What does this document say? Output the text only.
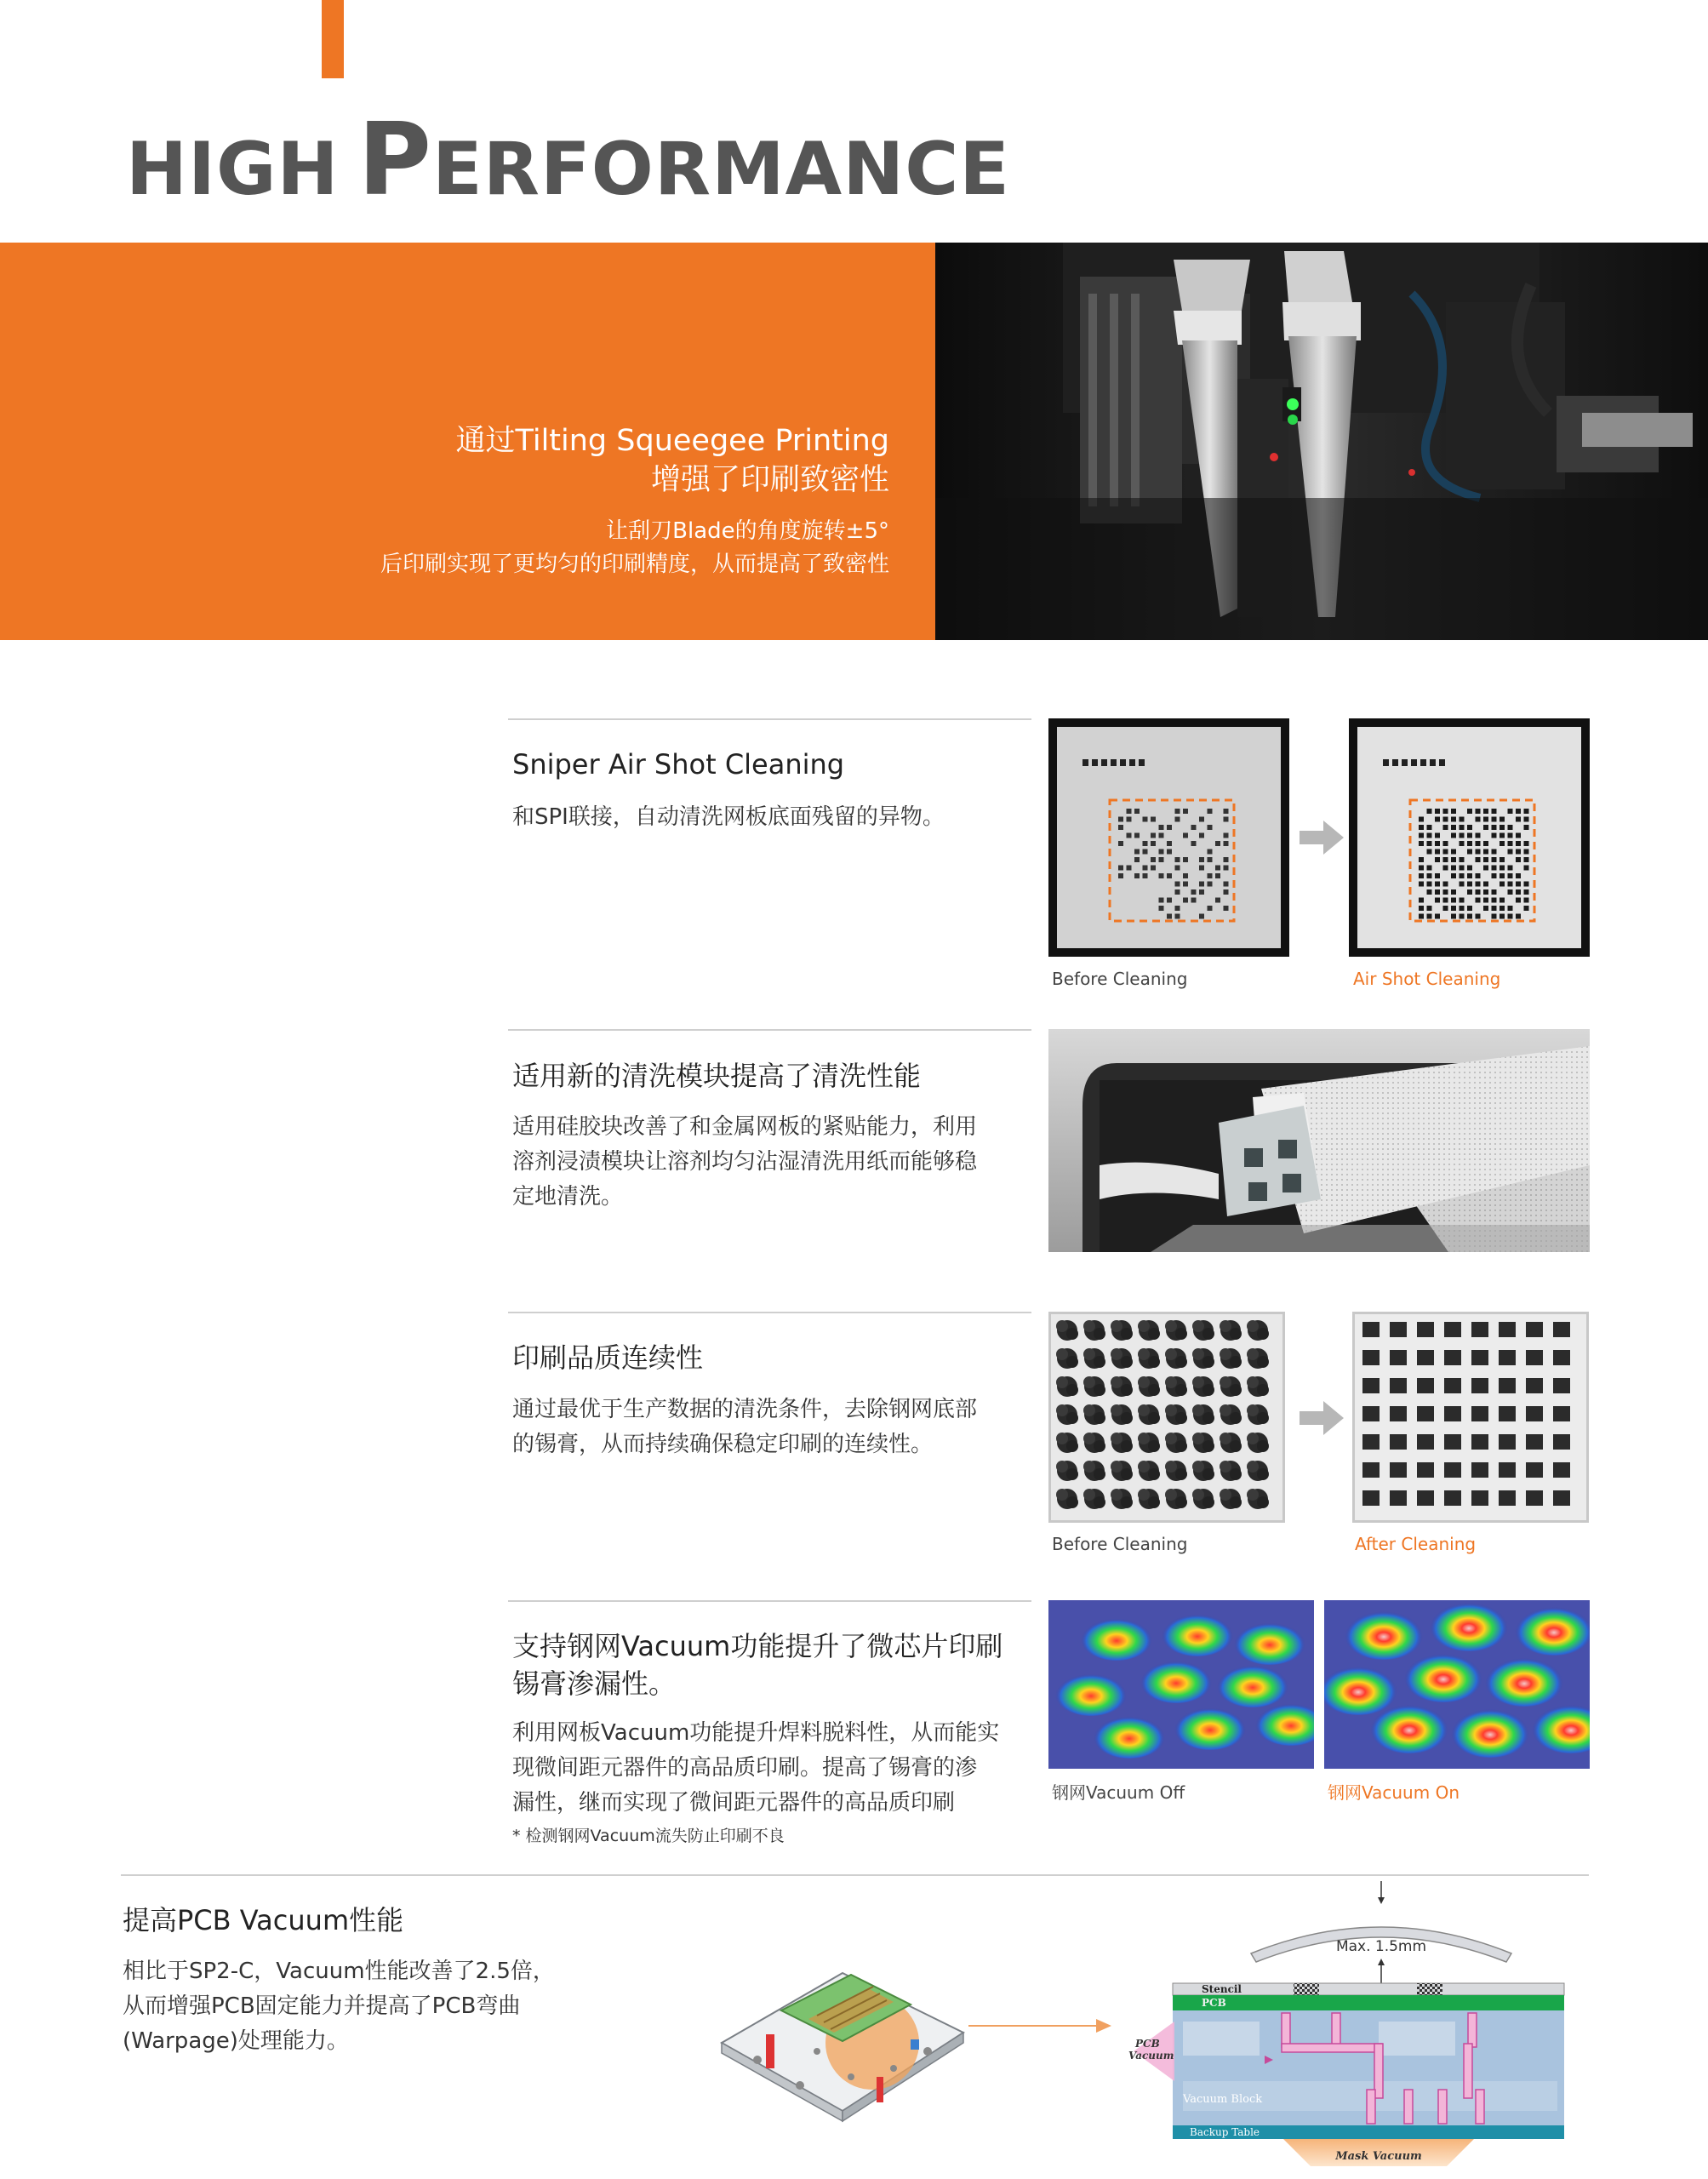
HIGH PERFORMANCE
通过Tilting Squeegee Printing
增强了印刷致密性
让刮刀Blade的角度旋转±5°
后印刷实现了更均匀的印刷精度，从而提高了致密性
Sniper Air Shot Cleaning
和SPI联接，自动清洗网板底面残留的异物。
Before Cleaning	Air Shot Cleaning
适用新的清洗模块提高了清洗性能
适用硅胶块改善了和金属网板的紧贴能力，利用
溶剂浸渍模块让溶剂均匀沾湿清洗用纸而能够稳
定地清洗。
印刷品质连续性
通过最优于生产数据的清洗条件，去除钢网底部
的锡膏，从而持续确保稳定印刷的连续性。
Before Cleaning	After Cleaning
支持钢网Vacuum功能提升了微芯片印刷
锡膏渗漏性。
利用网板Vacuum功能提升焊料脱料性，从而能实
现微间距元器件的高品质印刷。提高了锡膏的渗
漏性，继而实现了微间距元器件的高品质印刷
* 检测钢网Vacuum流失防止印刷不良
钢网Vacuum Off	钢网Vacuum On
提高PCB Vacuum性能
相比于SP2-C，Vacuum性能改善了2.5倍，
从而增强PCB固定能力并提高了PCB弯曲
(Warpage)处理能力。
Max. 1.5mm
Stencil
PCB
Vacuum Block
PCB
Vacuum
Backup Table
Mask Vacuum
